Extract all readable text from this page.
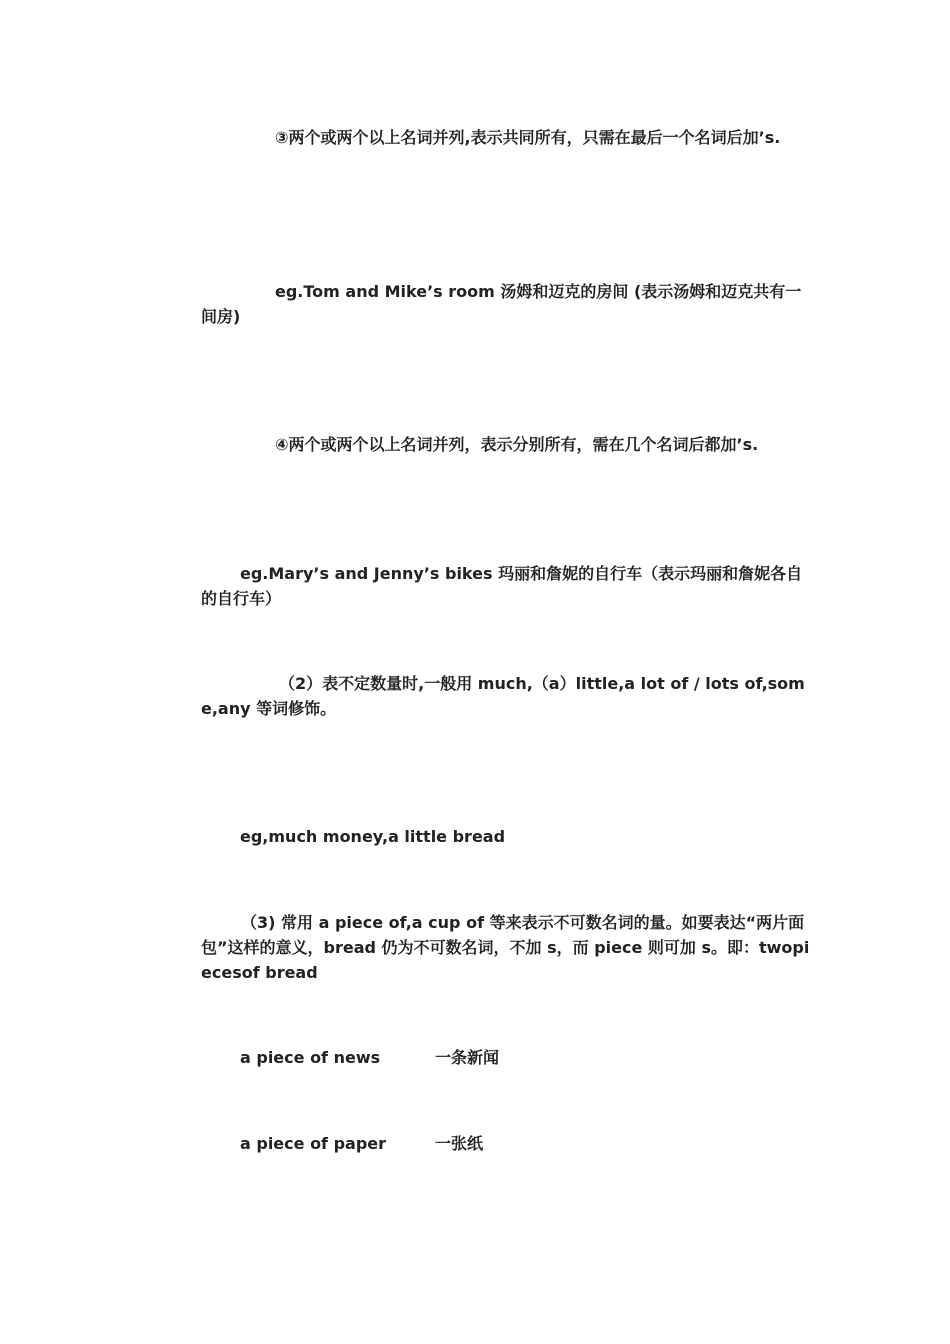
③两个或两个以上名词并列,表示共同所有，只需在最后一个名词后加’s.

eg.Tom and Mike’s room 汤姆和迈克的房间 (表示汤姆和迈克共有一间房)

④两个或两个以上名词并列，表示分别所有，需在几个名词后都加’s.

eg.Mary’s and Jenny’s bikes 玛丽和詹妮的自行车（表示玛丽和詹妮各自的自行车）

（2）表不定数量时,一般用 much,（a）little,a lot of / lots of,some,any 等词修饰。

eg,much money,a little bread

（3) 常用 a piece of,a cup of 等来表示不可数名词的量。如要表达“两片面包”这样的意义，bread 仍为不可数名词，不加 s，而 piece 则可加 s。即：twopiecesof bread

a piece of news	一条新闻
a piece of paper	一张纸
